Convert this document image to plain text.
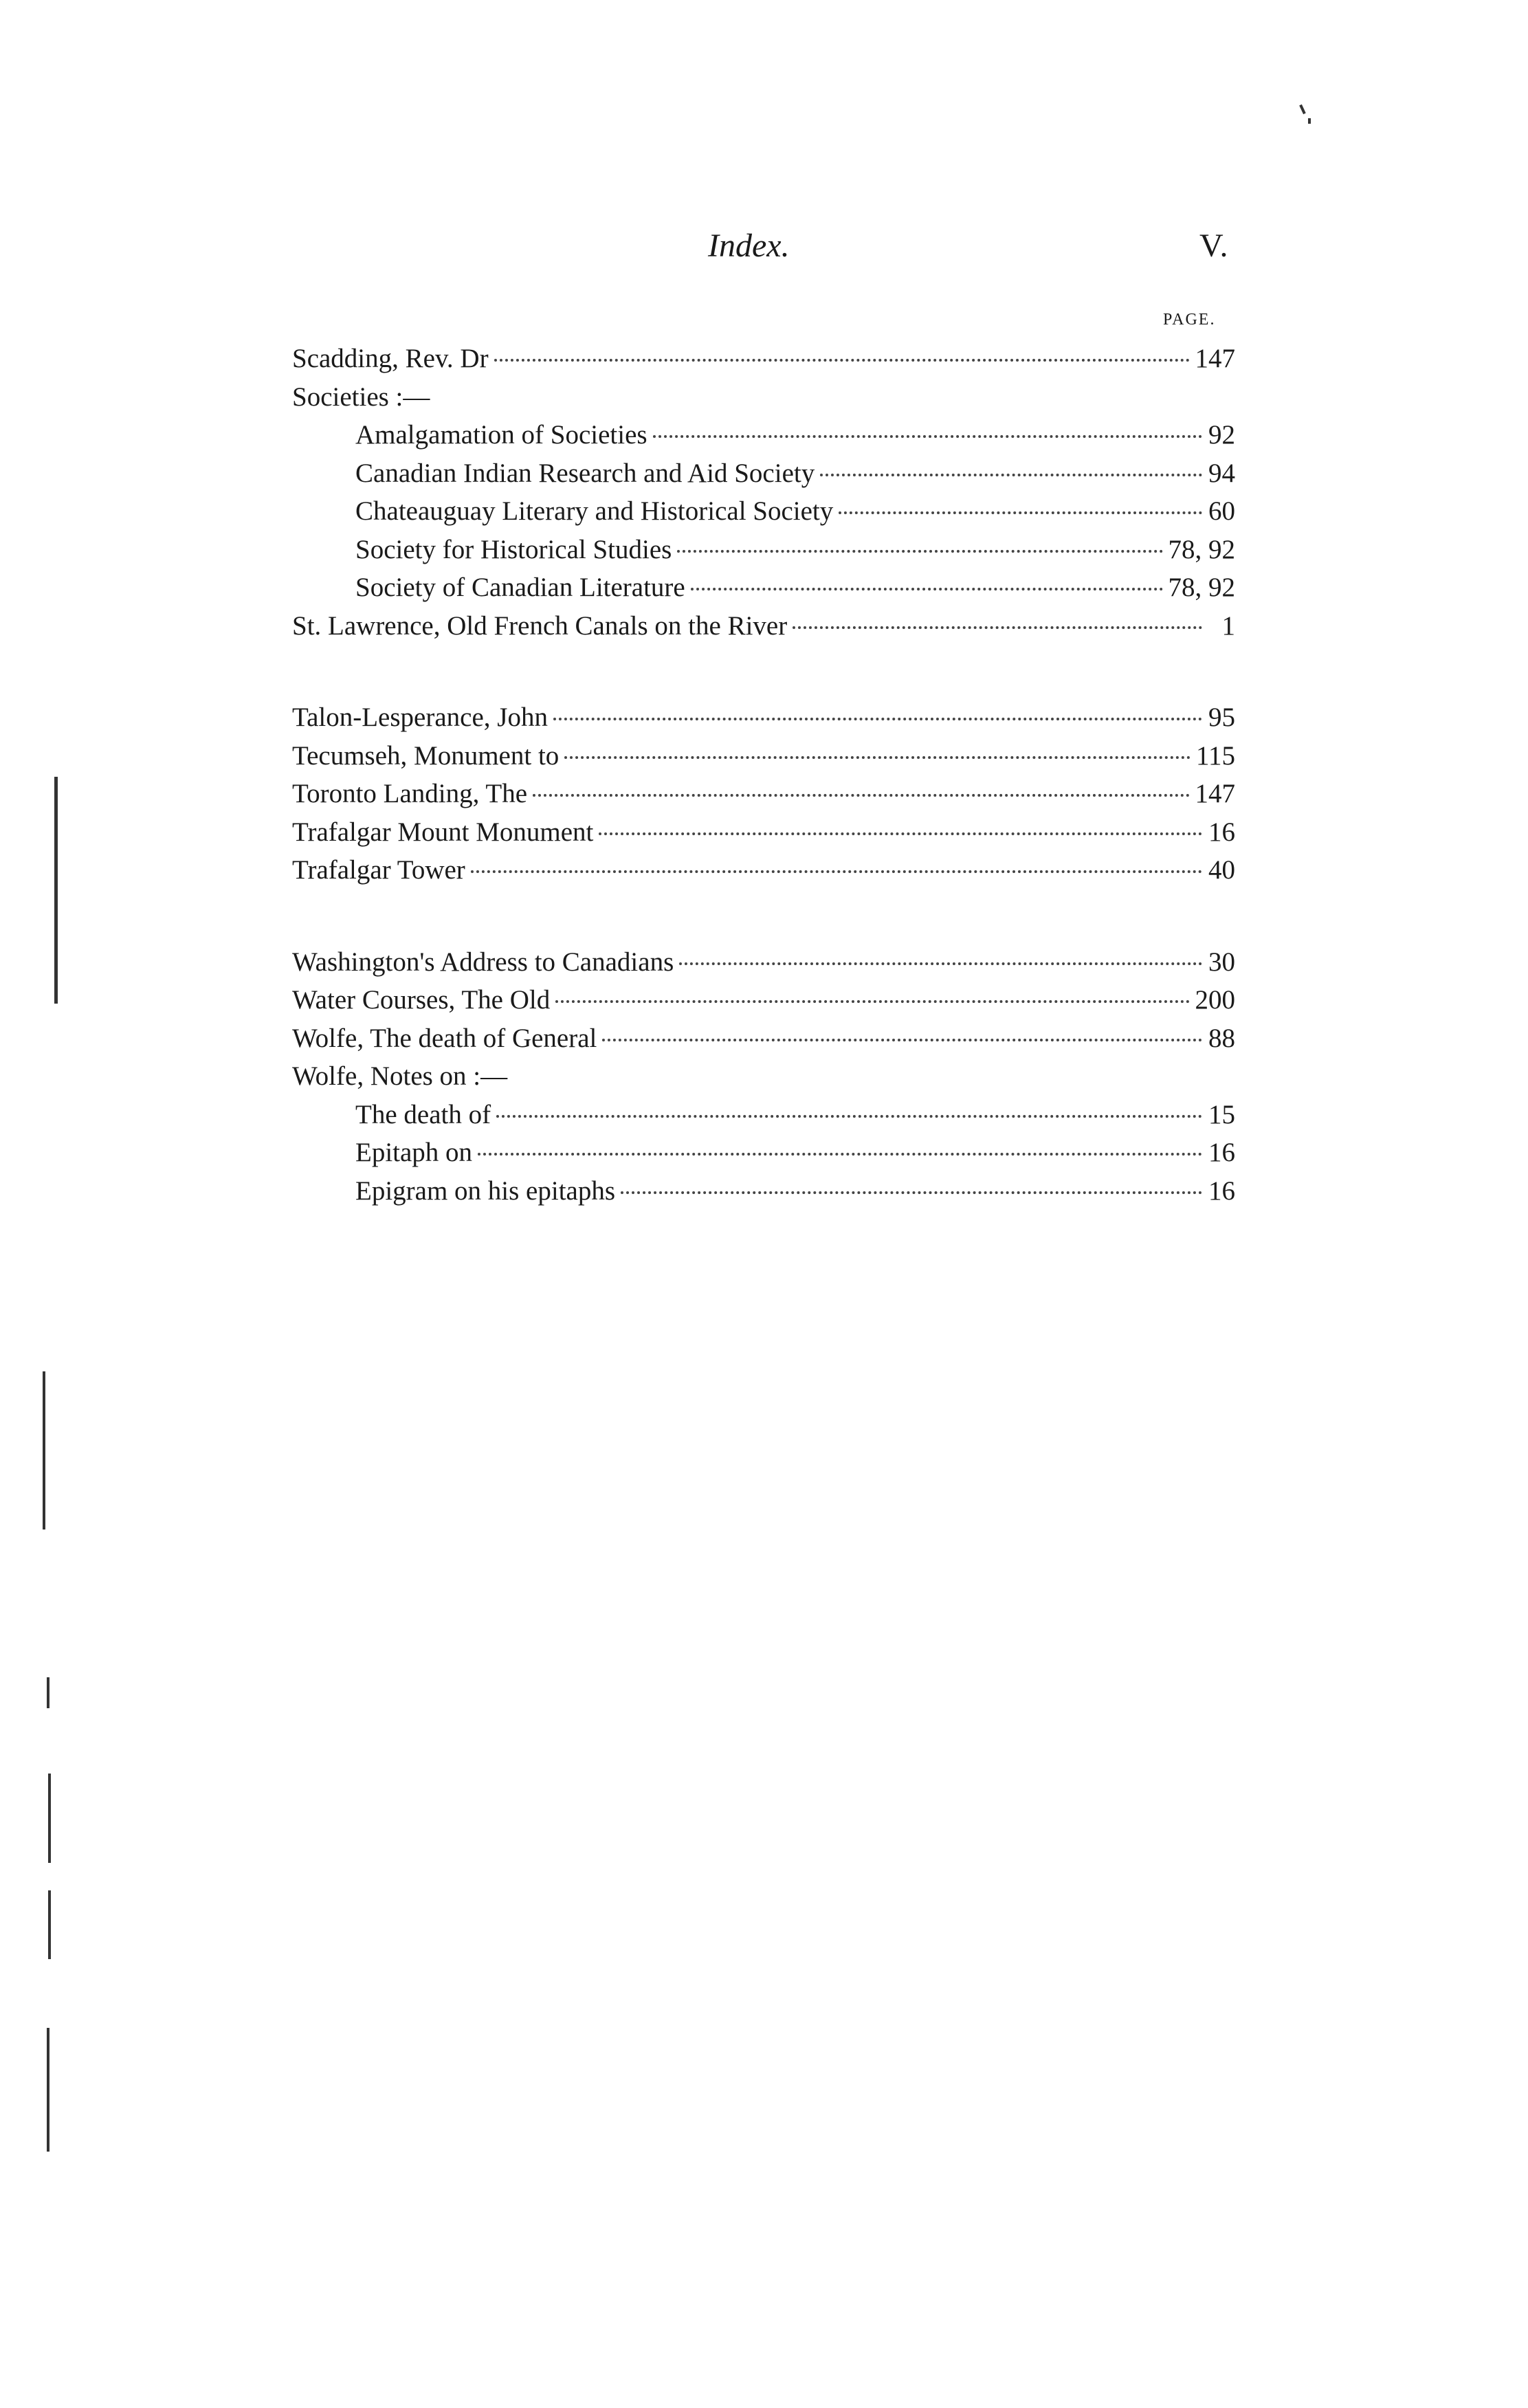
Index.	V.
PAGE.
Scadding, Rev. Dr	147
Societies :—
Amalgamation of Societies	92
Canadian Indian Research and Aid Society	94
Chateauguay Literary and Historical Society	60
Society for Historical Studies	78, 92
Society of Canadian Literature	78, 92
St. Lawrence, Old French Canals on the River	1
Talon-Lesperance, John	95
Tecumseh, Monument to	115
Toronto Landing, The	147
Trafalgar Mount Monument	16
Trafalgar Tower	40
Washington's Address to Canadians	30
Water Courses, The Old	200
Wolfe, The death of General	88
Wolfe, Notes on :—
The death of	15
Epitaph on	16
Epigram on his epitaphs	16
